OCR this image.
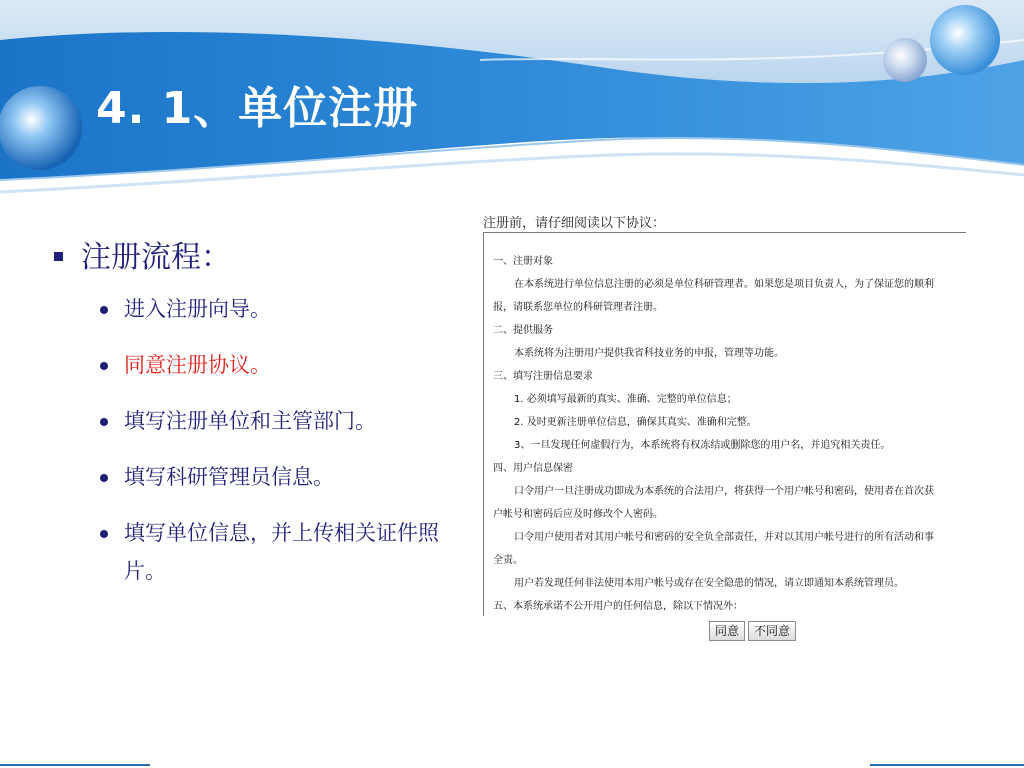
4. 1、单位注册
注册流程：
进入注册向导。
同意注册协议。
填写注册单位和主管部门。
填写科研管理员信息。
填写单位信息，并上传相关证件照片。
注册前，请仔细阅读以下协议：
一、注册对象
在本系统进行单位信息注册的必须是单位科研管理者。如果您是项目负责人，为了保证您的顺利
报，请联系您单位的科研管理者注册。
二、提供服务
本系统将为注册用户提供我省科技业务的申报，管理等功能。
三、填写注册信息要求
1. 必须填写最新的真实、准确、完整的单位信息；
2. 及时更新注册单位信息，确保其真实、准确和完整。
3、一旦发现任何虚假行为，本系统将有权冻结或删除您的用户名，并追究相关责任。
四、用户信息保密
口令用户一旦注册成功即成为本系统的合法用户，将获得一个用户帐号和密码，使用者在首次获
户帐号和密码后应及时修改个人密码。
口令用户使用者对其用户帐号和密码的安全负全部责任，并对以其用户帐号进行的所有活动和事
全责。
用户若发现任何非法使用本用户帐号或存在安全隐患的情况，请立即通知本系统管理员。
五、本系统承诺不公开用户的任何信息，除以下情况外：
同意 不同意
